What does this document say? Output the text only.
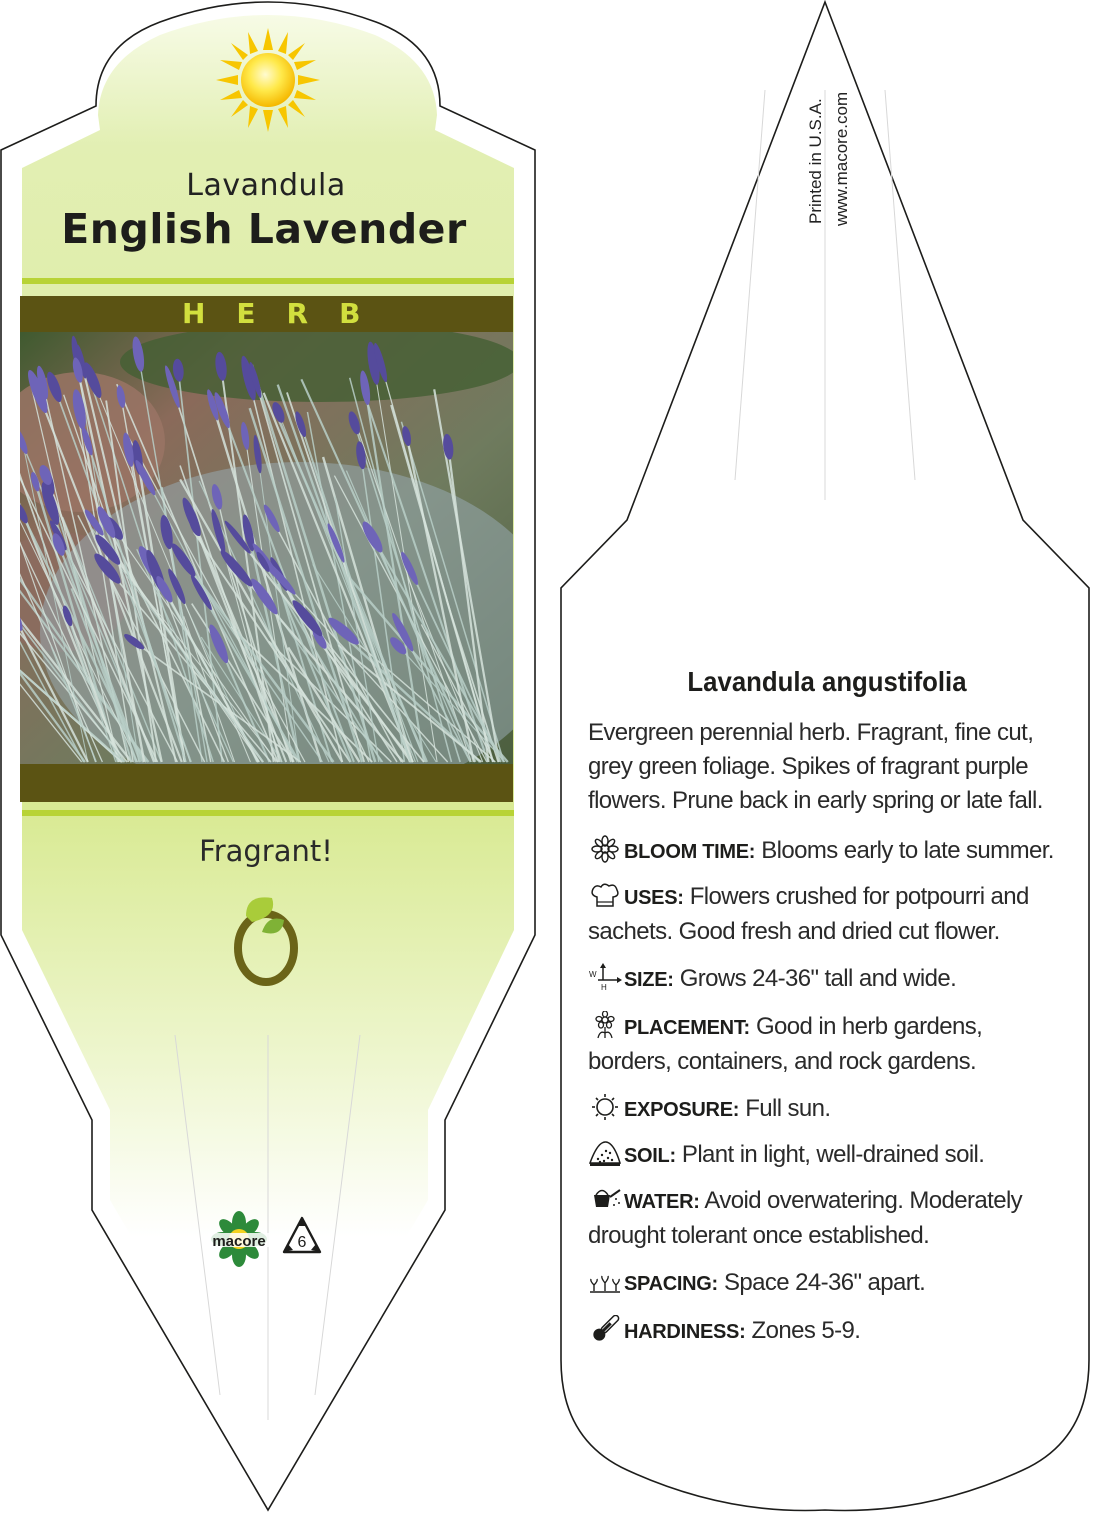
Lavandula
English Lavender
HERB
Fragrant!
macore 6
Printed in U.S.A. www.macore.com
Lavandula angustifolia
Evergreen perennial herb. Fragrant, fine cut, grey green foliage. Spikes of fragrant purple flowers. Prune back in early spring or late fall.
BLOOM TIME: Blooms early to late summer.
USES: Flowers crushed for potpourri and sachets. Good fresh and dried cut flower.
W
H SIZE: Grows 24-36" tall and wide.
PLACEMENT: Good in herb gardens, borders, containers, and rock gardens.
EXPOSURE: Full sun.
SOIL: Plant in light, well-drained soil.
WATER: Avoid overwatering. Moderately drought tolerant once established.
SPACING: Space 24-36" apart.
HARDINESS: Zones 5-9.
